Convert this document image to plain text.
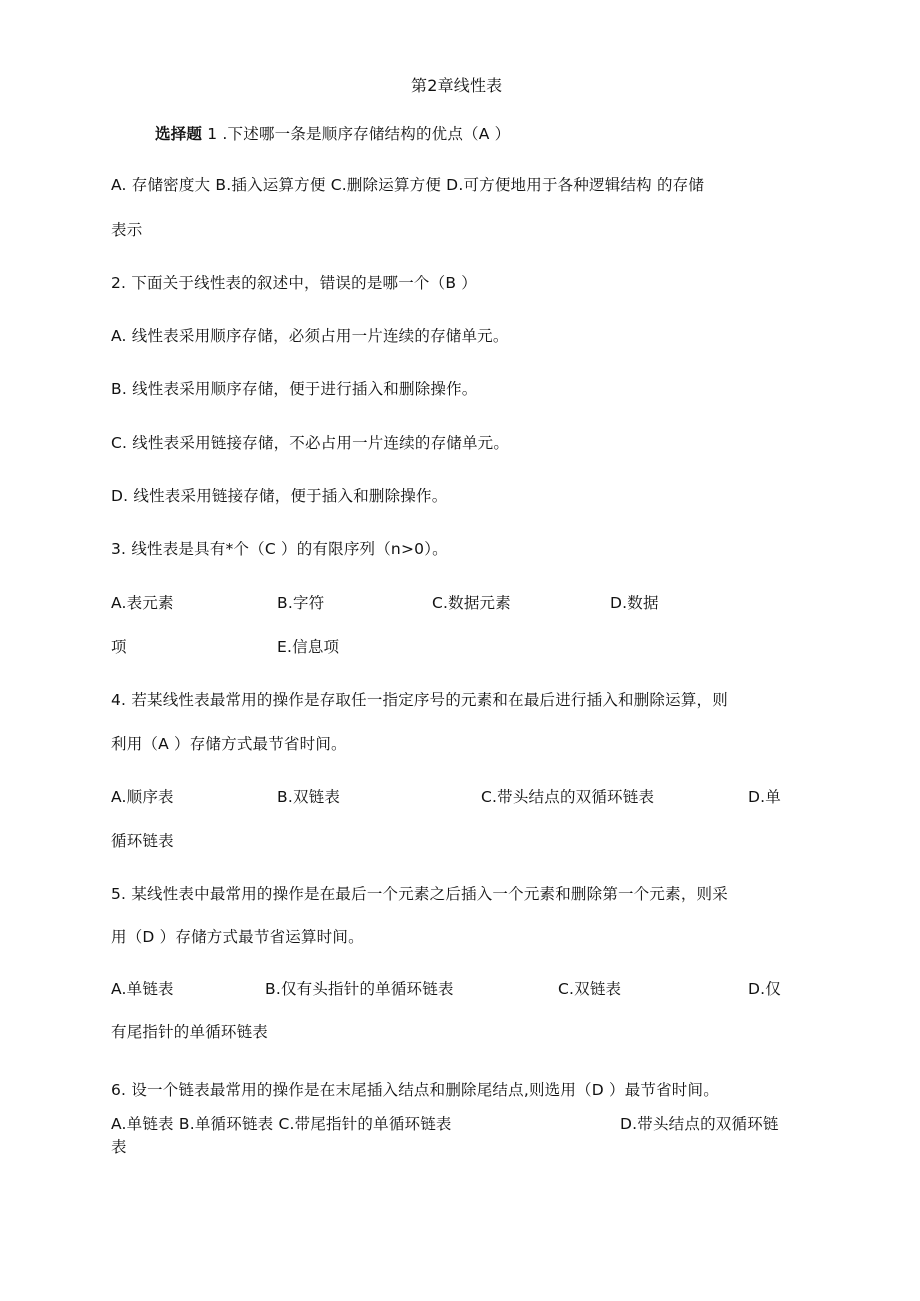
第2章线性表
选择题 1 .下述哪一条是顺序存储结构的优点（A ）
A. 存储密度大 B.插入运算方便 C.删除运算方便 D.可方便地用于各种逻辑结构 的存储
表示
2. 下面关于线性表的叙述中，错误的是哪一个（B ）
A. 线性表采用顺序存储，必须占用一片连续的存储单元。
B. 线性表采用顺序存储，便于进行插入和删除操作。
C. 线性表采用链接存储，不必占用一片连续的存储单元。
D. 线性表采用链接存储，便于插入和删除操作。
3. 线性表是具有*个（C ）的有限序列（n>0）。
A.表元素	B.字符	C.数据元素	D.数据
项	E.信息项
4. 若某线性表最常用的操作是存取任一指定序号的元素和在最后进行插入和删除运算，则
利用（A ）存储方式最节省时间。
A.顺序表	B.双链表	C.带头结点的双循环链表	D.单
循环链表
5. 某线性表中最常用的操作是在最后一个元素之后插入一个元素和删除第一个元素，则采
用（D ）存储方式最节省运算时间。
A.单链表	B.仅有头指针的单循环链表	C.双链表	D.仅
有尾指针的单循环链表
6. 设一个链表最常用的操作是在末尾插入结点和删除尾结点,则选用（D ）最节省时间。
A.单链表 B.单循环链表 C.带尾指针的单循环链表	D.带头结点的双循环链
表
